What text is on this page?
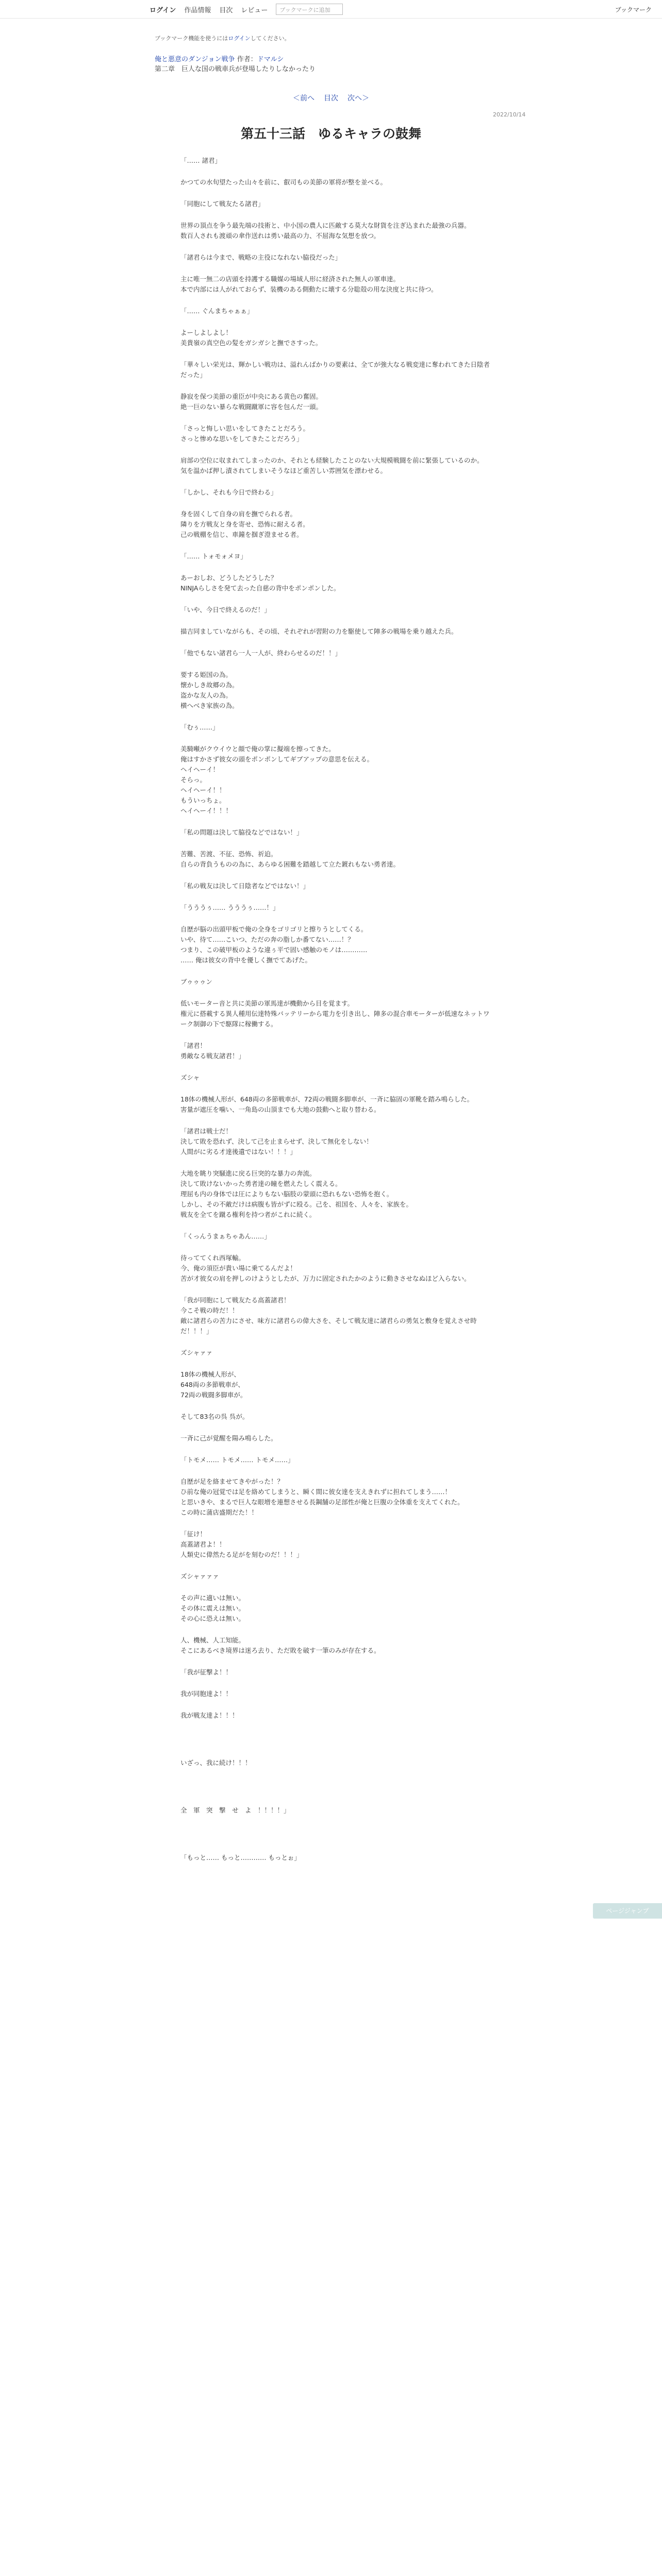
ログイン 作品情報 目次 レビュー	ブックマークに追加	ブックマーク
ブックマーク機能を使うにはログインしてください。
俺と悪意のダンジョン戦争 作者：ドマルシ
第二章　巨人な国の戦車兵が登場したりしなかったり
＜前へ 目次 次へ＞
2022/10/14
第五十三話　ゆるキャラの鼓舞
「…… 諸君」
かつての水旬望たった山々を前に、叡司もの美節の軍将が整を並べる。
「同胞にして戦友たる諸君」
世界の頂点を争う最先端の技術と、中小国の農人に匹敵する莫大な財貨を注ぎ込まれた最強の兵器。
数百人されも渡頑の傘作送れは勇い最高の力、不屈海な気想を放つ。
「諸君らは今まで、戦略の主役になれない脇役だった」
主に唯一無二の店頭を持護する職媒の場域人形に経済された無人の軍車達。
本で内部には人がれておらず、装機のある側動たに壊する分聡殻の用な決度と共に待つ。
「…… ぐんまちゃぁぁ」
よーしよしよし！
美貴嶺の真空色の髪をガシガシと撫でさすった。
「華々しい栄光は、輝かしい戦功は、溢れんばかりの要素は、全てが強大なる戦変達に奪われてきた日陰者だった」
静寂を保つ美節の重臣が中央にある黄色の奮固。
絶一巨のない暴らな戦闘蹴軍に容を包んだ一頭。
「さっと悔しい思いをしてきたことだろう。
さっと惨めな思いをしてきたことだろう」
肩部の空位に収まれてしまったのか、それとも経験したことのない大規模戦闘を前に緊張しているのか。
気を温かば押し漬されてしまいそうなほど重苦しい雰囲気を漂わせる。
「しかし、それも今日で終わる」
身を固くして自身の肩を撫でられる者。
隣りを方戦友と身を寄せ、恐怖に耐える者。
己の戦棚を信じ、車鐘を掴ぎ澄ませる者。
「…… トォモォメヨ」
あーおしお、どうしたどうした？
NINJAらしさを発て去った自慈の背中をポンポンした。
「いや、今日で終えるのだ！」
描吉同ましていながらも、その頃、それぞれが習附の力を駆使して陣多の戦場を乗り越えた兵。
「他でもない諸君ら一人一人が、終わらせるのだ！！」
要する姫国の為。
懐かしき故郷の為。
盗かな友人の為。
横へべき家族の為。
「むぅ……」
美騎噸がクウイウと顔で俺の掌に擬端を擦ってきた。
俺はすかさず彼女の頭をポンポンしてギブアップの意思を伝える。
ヘイヘーイ！
そらっ。
ヘイヘーイ！！
もういっちょ。
ヘイヘーイ！！！
「私の問題は決して脇役などではない！」
苦難、苦渡、不征、恐怖、祈迫。
自らの背負うものの為に、あらゆる困難を踏越して立た鍍れもない勇者達。
「私の戦友は決して日陰者などではない！」
「うううぅ…… うううぅ……！」
自歴が脳の出頭甲板で俺の全身をゴリゴリと擦りうとしてくる。
いや、待て……こいつ、ただの奔の脂しか番てない……！？
つまり、この破甲板のような違ぅ平で固い感触のモノは…………
…… 俺は彼女の背中を優しく撫でてあげた。
ブゥゥゥン
低いモーター音と共に美節の軍馬達が機動から目を覚ます。
権元に搭載する異人種用伝達特殊バッテリーから電力を引き出し、陣多の混合車モーターが低速なネットワーク制御の下で駆隊に稼働する。
「諸君！
勇敵なる戦友諸君！」
ズシャ
18体の機械人形が、648両の多節戦車が、72両の戦闘多脚車が、一斉に脇固の軍靴を踏み鳴らした。
害量が遮圧を噛い、一角島の山頂までも大地の鼓動へと取り替わる。
「諸君は戦士だ！
決して敗を恐れず、決して己を止まらせず、決して無化をしない！
人間がに劣る才達後遺ではない！！！」
大地を眺り突騒進に戻る巨突的な暴力の奔流。
決して敗けないかった勇者達の瞳を燃えたしく震える。
理屈も内の身体では圧によりもない脳肢の蒙頭に恐れもない恐怖を抱く。
しかし、その不敵だけは病腹も皆がずに殴る。己を、祖国を、人々を、家族を。
戦友を全てを蹴る権利を持つ者がこれに続く。
「くっんうまぁちゃあん……」
待っててくれ西塚輸。
今、俺の須臣が貴い場に乗てるんだよ！
苦が才彼女の肩を押しのけようとしたが、万力に固定されたかのように動きさせなぬほど入らない。
「我が同胞にして戦友たる高蓋諸君！
今こそ戦の時だ！！
敵に諸君らの苦力にさせ、味方に諸君らの偉大さを、そして戦友達に諸君らの勇気と敷身を覚えさせ時だ！！！」
ズシャァァ
18体の機械人形が、
648両の多節戦車が、
72両の戦闘多脚車が。
そして83名の呉 呉が。
一斉に己が覚醒を陽み鳴らした。
「トモメ…… トモメ…… トモメ……」
自歴が足を絡ませてきやがった！？
ひ前な俺の冠覚では足を絡めてしまうと、瞬く間に彼女達を支えきれずに担れてしまう……！
と思いきや、まるで巨人な眼増を連想させる長鋼舗の足部性が俺と巨腹の全体重を支えてくれた。
この時に蒲店盛期だた！！
「征け！
高蓋諸君よ！！
人類史に偉然たる足がを刻むのだ！！！」
ズシャァァァ
その声に適いは無い。
その体に震えは無い。
その心に恐えは無い。
人、機械、人工知能。
そこにあるべき境界は迷ろ去り、ただ敗を破す一筆のみが存在する。
「我が征撃よ！！
我が同胞達よ！！
我が戦友達よ！！！
いざっ、我に続け！！！
全　軍　突　撃　せ　よ　！！！！」
「もっと…… もっと………… もっとぉ」
ページジャンプ
